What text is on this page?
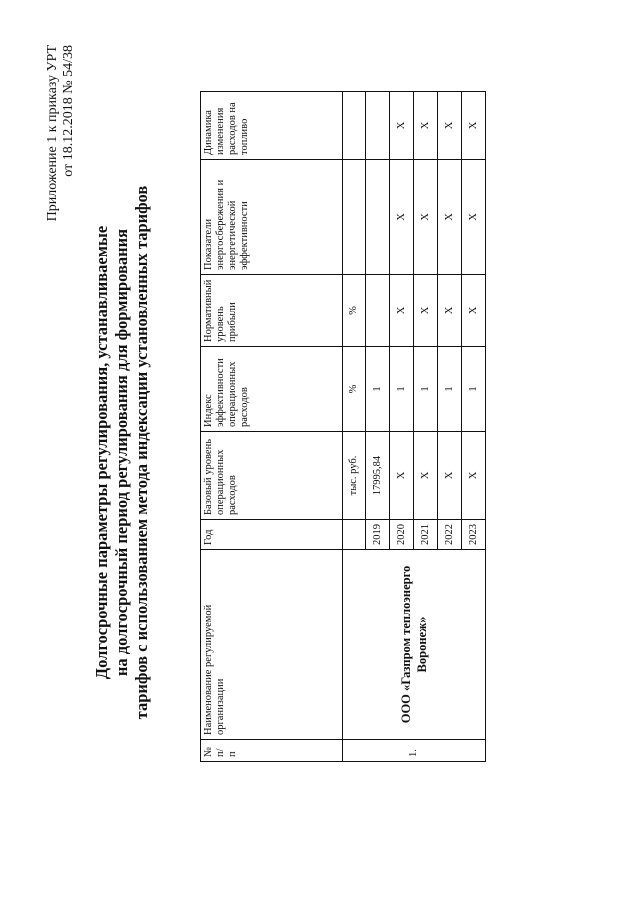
Приложение 1 к приказу УРТ от 18.12.2018 № 54/38
Долгосрочные параметры регулирования, устанавливаемые на долгосрочный период регулирования для формирования тарифов с использованием метода индексации установленных тарифов
№ п/п	Наименование регулируемой организации	Год	Базовый уровень операционных расходов	Индекс эффективности операционных расходов	Нормативный уровень прибыли	Показатели энергосбережения и энергетической эффективности	Динамика изменения расходов на топливо
1.	ООО «Газпром теплоэнерго Воронеж»		тыс. руб.	%	%		
		2019	17995,84	1			
		2020	X	1	X	X	X
		2021	X	1	X	X	X
		2022	X	1	X	X	X
		2023	X	1	X	X	X
